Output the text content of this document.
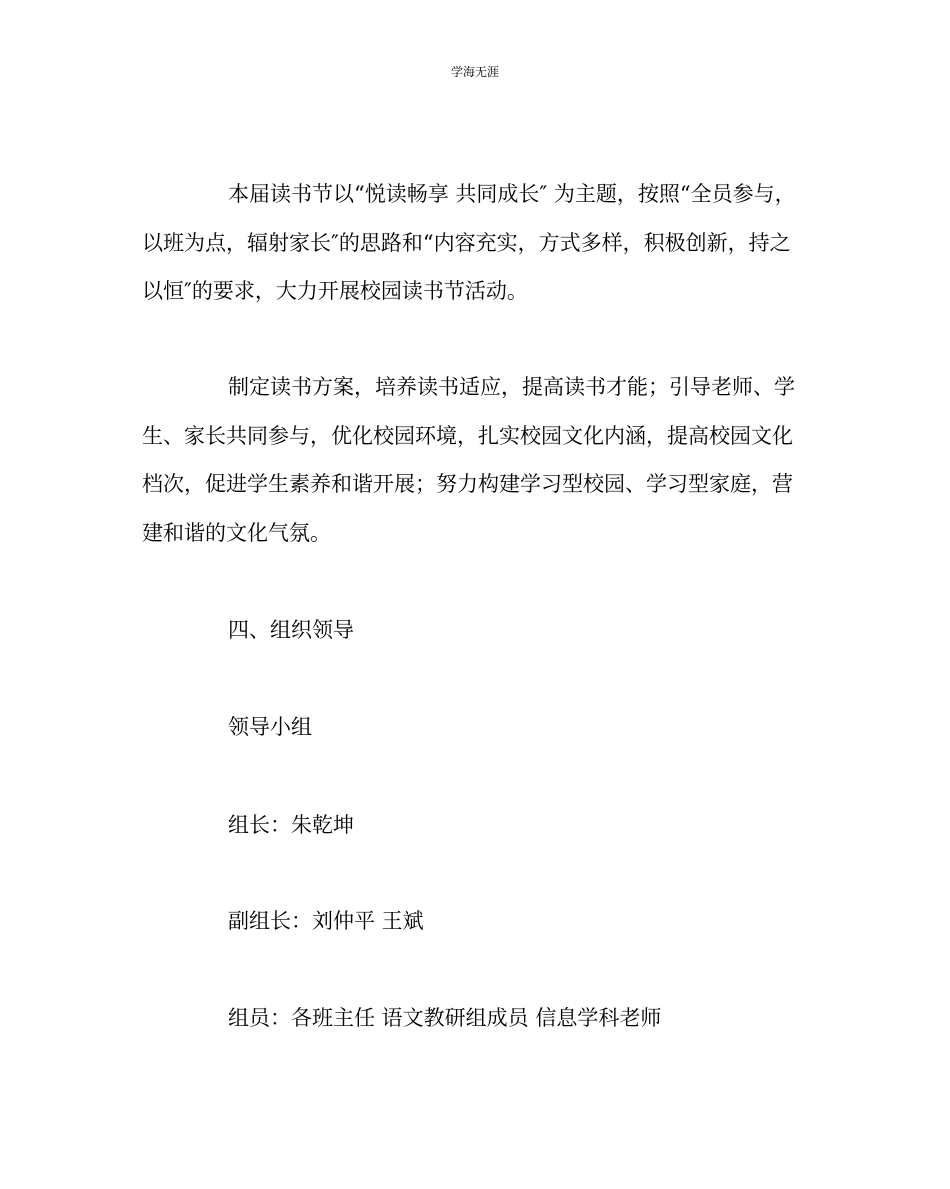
学海无涯

本届读书节以“悦读畅享 共同成长″ 为主题，按照“全员参与，以班为点，辐射家长″的思路和“内容充实，方式多样，积极创新，持之以恒″的要求，大力开展校园读书节活动。

制定读书方案，培养读书适应，提高读书才能；引导老师、学生、家长共同参与，优化校园环境，扎实校园文化内涵，提高校园文化档次，促进学生素养和谐开展；努力构建学习型校园、学习型家庭，营建和谐的文化气氛。

四、组织领导

领导小组

组长：朱乾坤

副组长：刘仲平 王斌

组员：各班主任 语文教研组成员 信息学科老师
